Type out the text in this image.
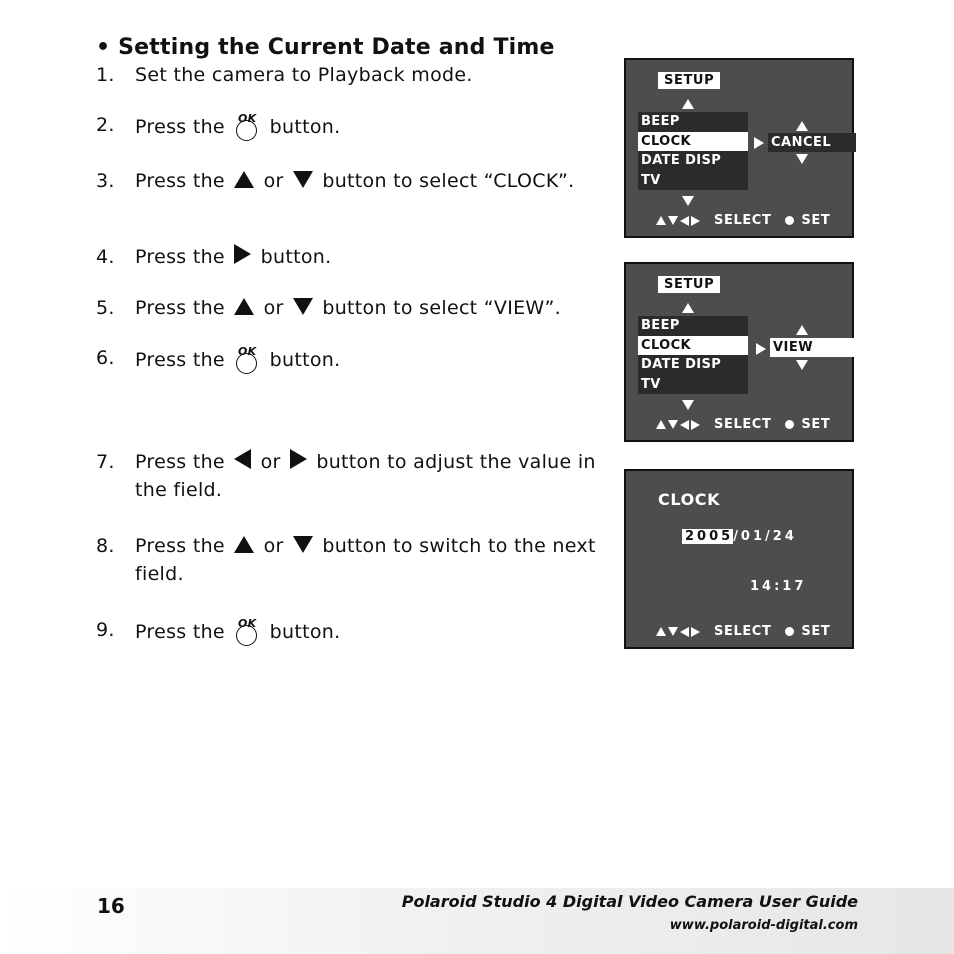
• Setting the Current Date and Time
1.	Set the camera to Playback mode.
2.	Press the	OK button.
3.	Press the or button to select “CLOCK”.
4.	Press the button.
5.	Press the or button to select “VIEW”.
6.	Press the	OK button.
7.	Press the or button to adjust the value in the field.
8.	Press the or button to switch to the next field.
9.	Press the	OK button.
SETUP
BEEP
CLOCK
DATE DISP
TV
CANCEL
SELECT SET
SETUP
BEEP
CLOCK
DATE DISP
TV
VIEW
SELECT SET
CLOCK
2005 /01/24
14:17
SELECT SET
16	Polaroid Studio 4 Digital Video Camera User Guide
www.polaroid-digital.com
